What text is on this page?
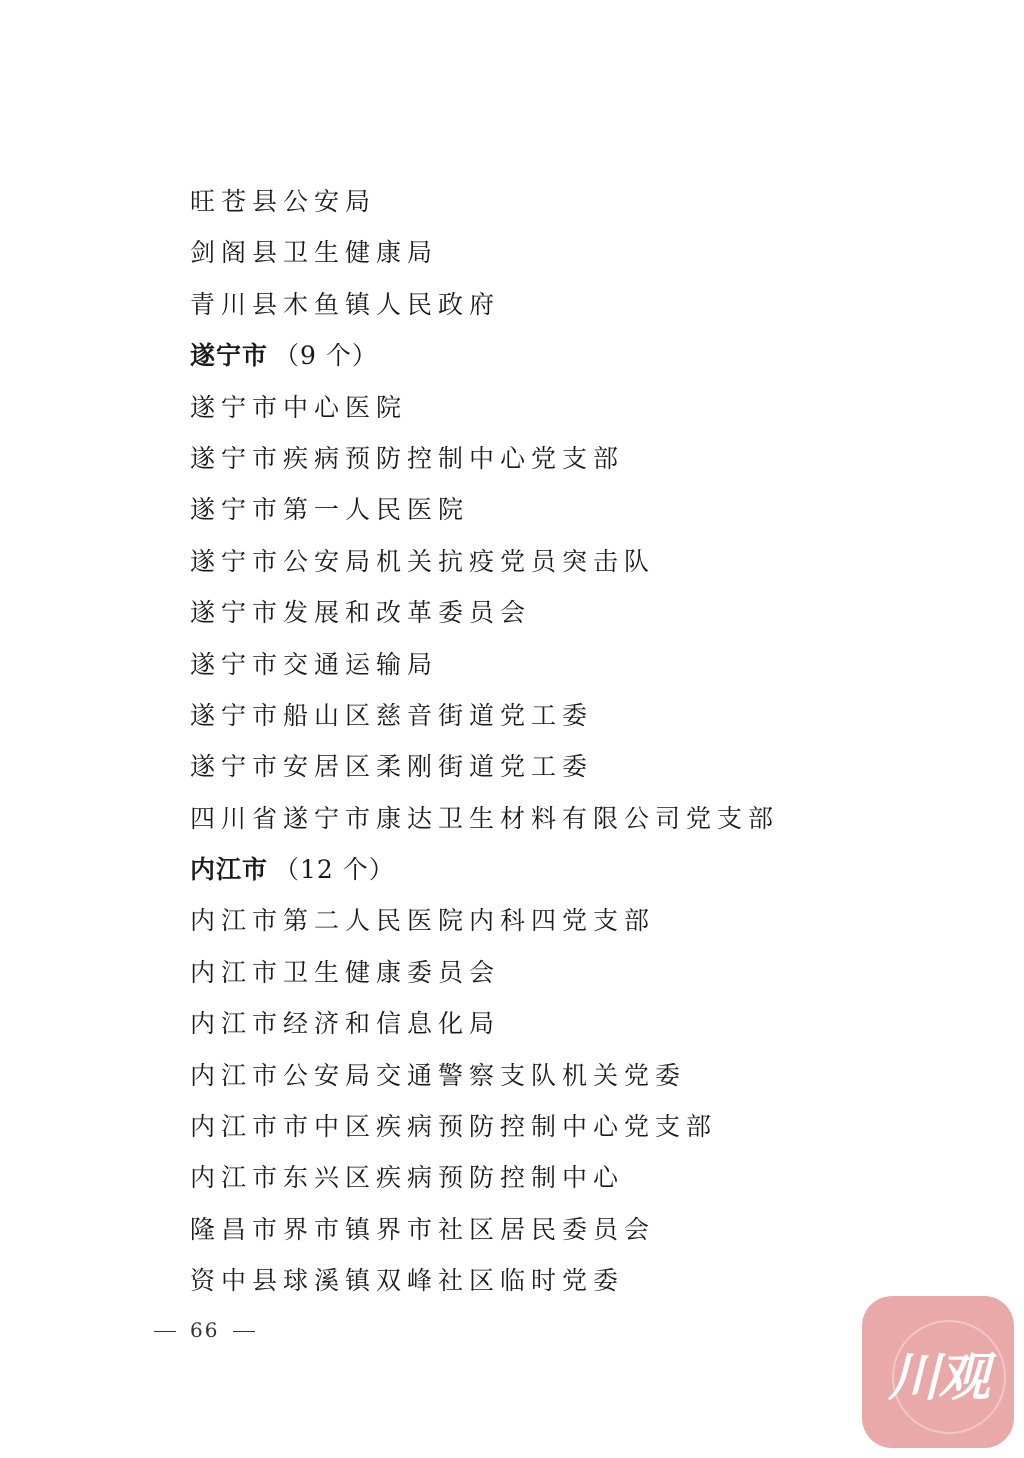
旺苍县公安局
剑阁县卫生健康局
青川县木鱼镇人民政府
遂宁市 （9 个）
遂宁市中心医院
遂宁市疾病预防控制中心党支部
遂宁市第一人民医院
遂宁市公安局机关抗疫党员突击队
遂宁市发展和改革委员会
遂宁市交通运输局
遂宁市船山区慈音街道党工委
遂宁市安居区柔刚街道党工委
四川省遂宁市康达卫生材料有限公司党支部
内江市 （12 个）
内江市第二人民医院内科四党支部
内江市卫生健康委员会
内江市经济和信息化局
内江市公安局交通警察支队机关党委
内江市市中区疾病预防控制中心党支部
内江市东兴区疾病预防控制中心
隆昌市界市镇界市社区居民委员会
资中县球溪镇双峰社区临时党委
66
川观
